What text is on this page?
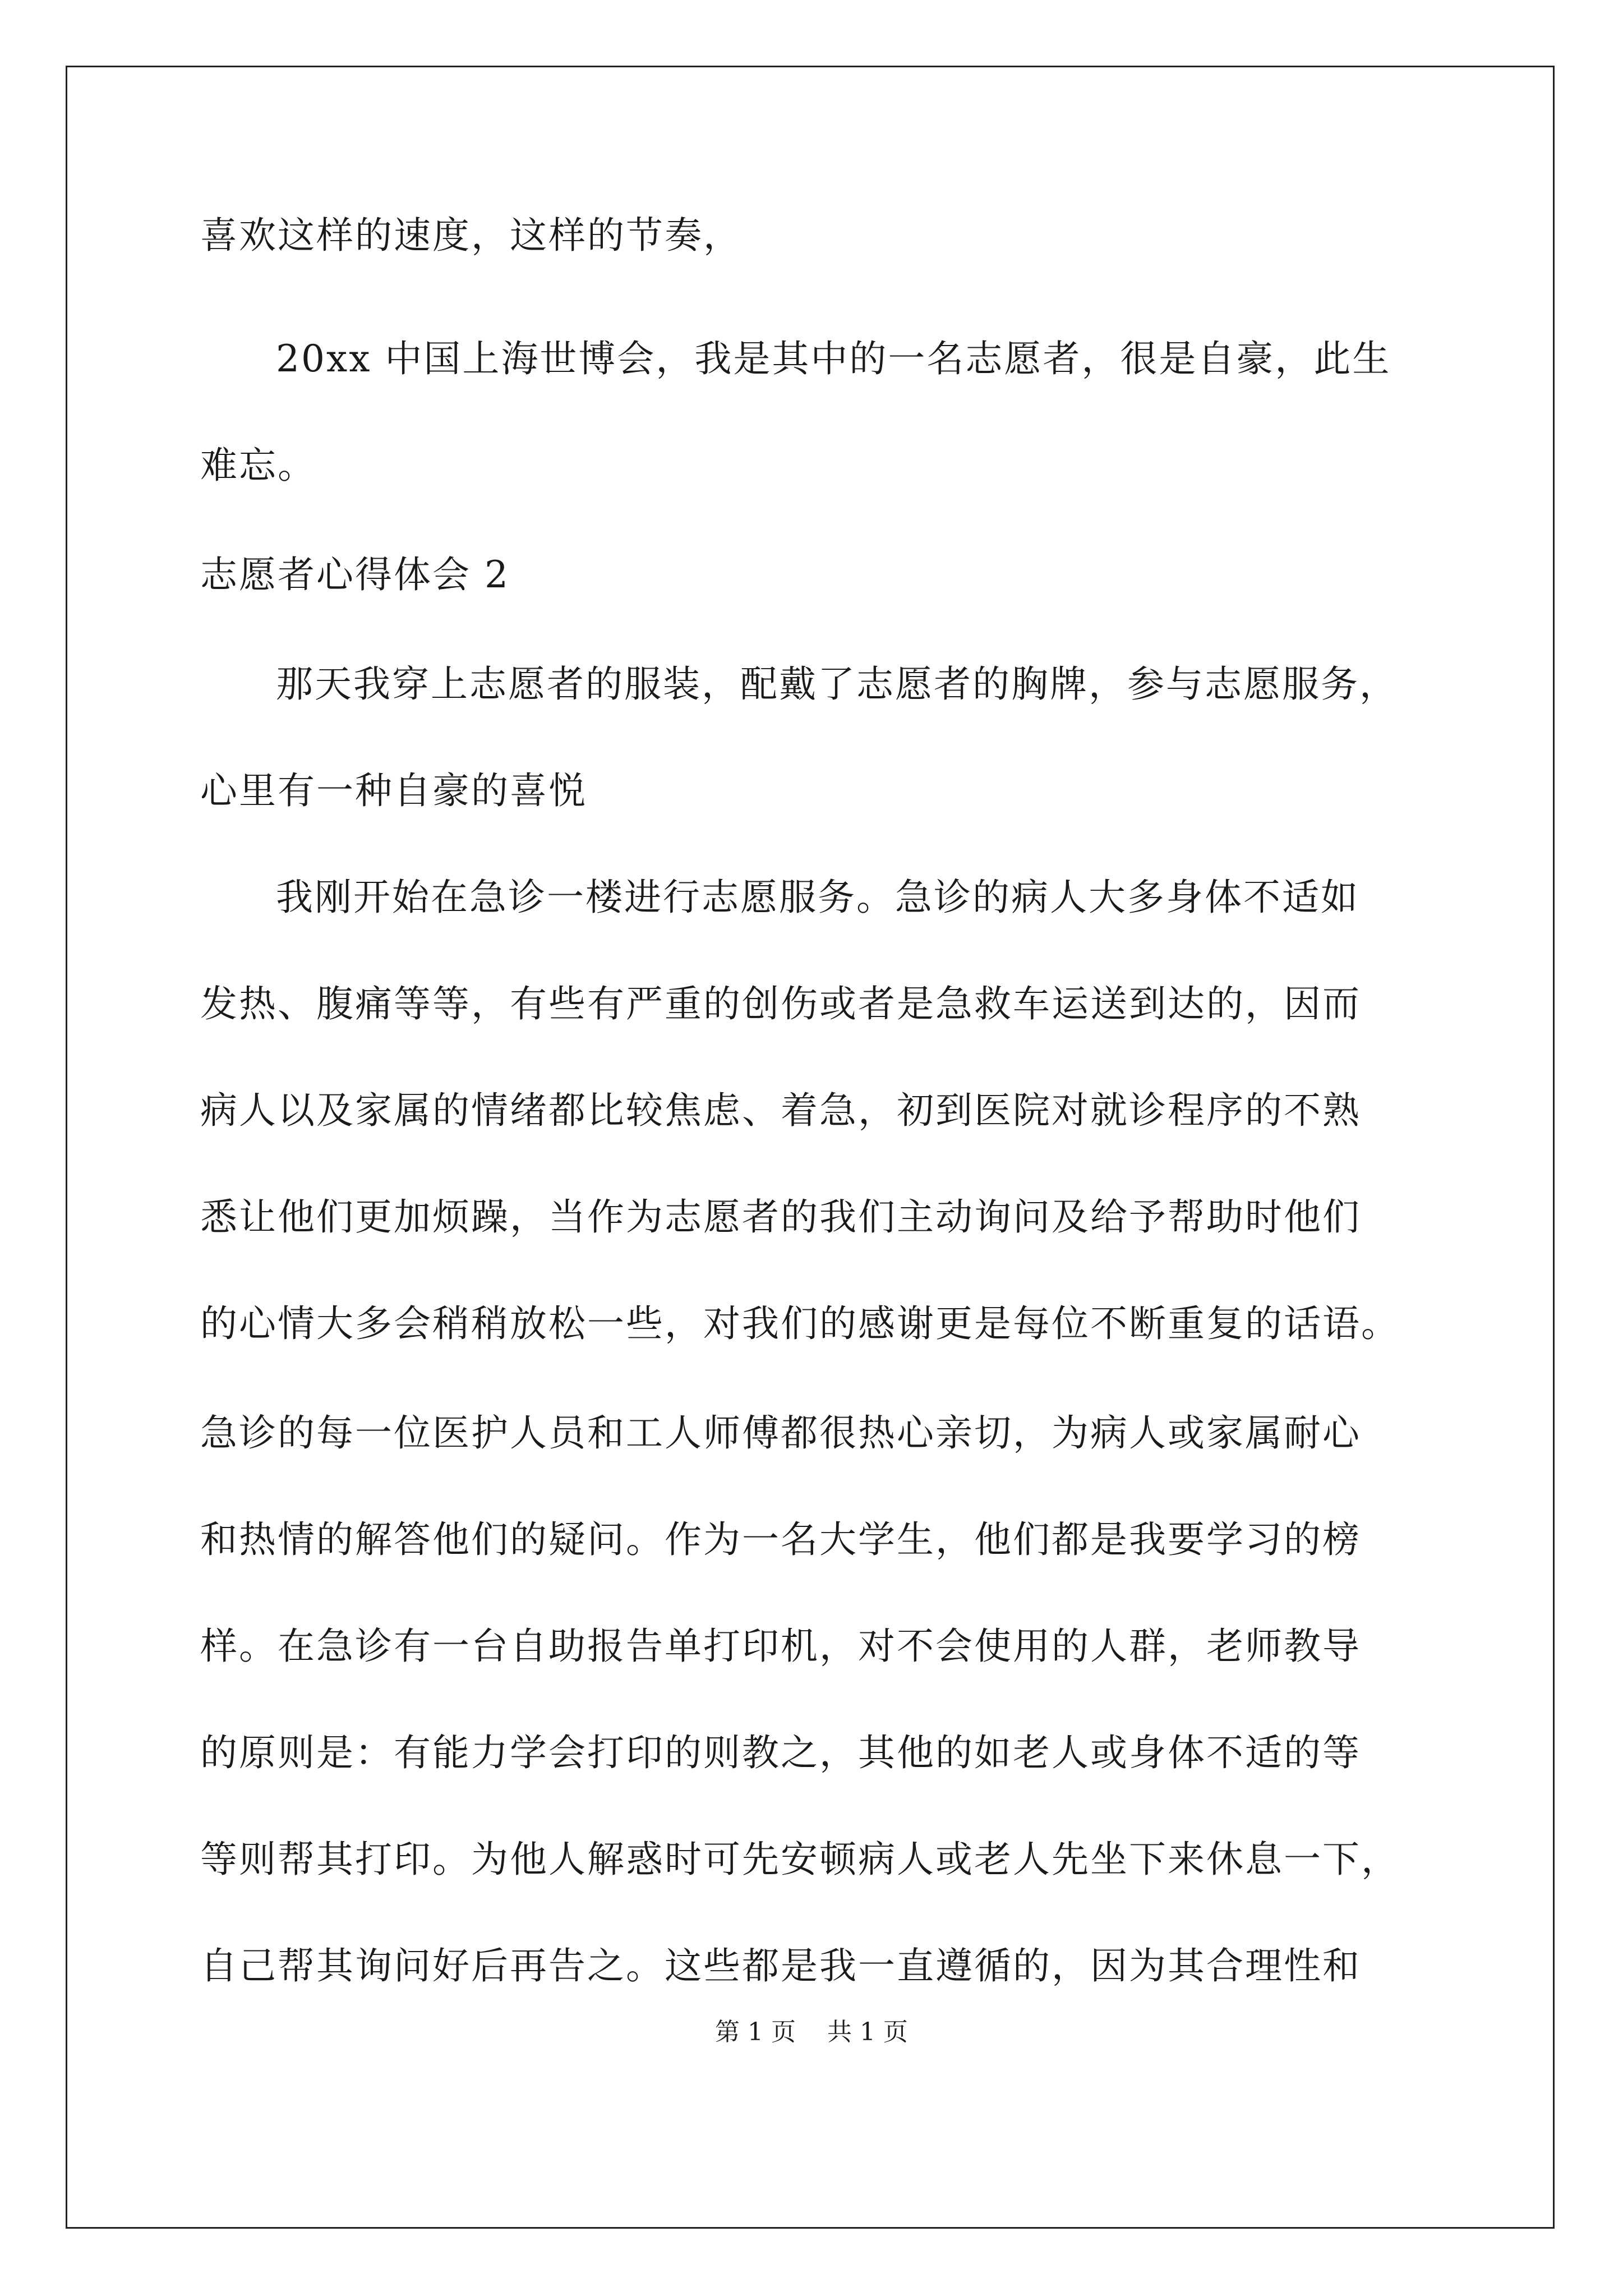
喜欢这样的速度，这样的节奏，
20xx 中国上海世博会，我是其中的一名志愿者，很是自豪，此生
难忘。
志愿者心得体会 2
那天我穿上志愿者的服装，配戴了志愿者的胸牌，参与志愿服务，
心里有一种自豪的喜悦
我刚开始在急诊一楼进行志愿服务。急诊的病人大多身体不适如
发热、腹痛等等，有些有严重的创伤或者是急救车运送到达的，因而
病人以及家属的情绪都比较焦虑、着急，初到医院对就诊程序的不熟
悉让他们更加烦躁，当作为志愿者的我们主动询问及给予帮助时他们
的心情大多会稍稍放松一些，对我们的感谢更是每位不断重复的话语。
急诊的每一位医护人员和工人师傅都很热心亲切，为病人或家属耐心
和热情的解答他们的疑问。作为一名大学生，他们都是我要学习的榜
样。在急诊有一台自助报告单打印机，对不会使用的人群，老师教导
的原则是：有能力学会打印的则教之，其他的如老人或身体不适的等
等则帮其打印。为他人解惑时可先安顿病人或老人先坐下来休息一下，
自己帮其询问好后再告之。这些都是我一直遵循的，因为其合理性和
第 1 页    共 1 页
